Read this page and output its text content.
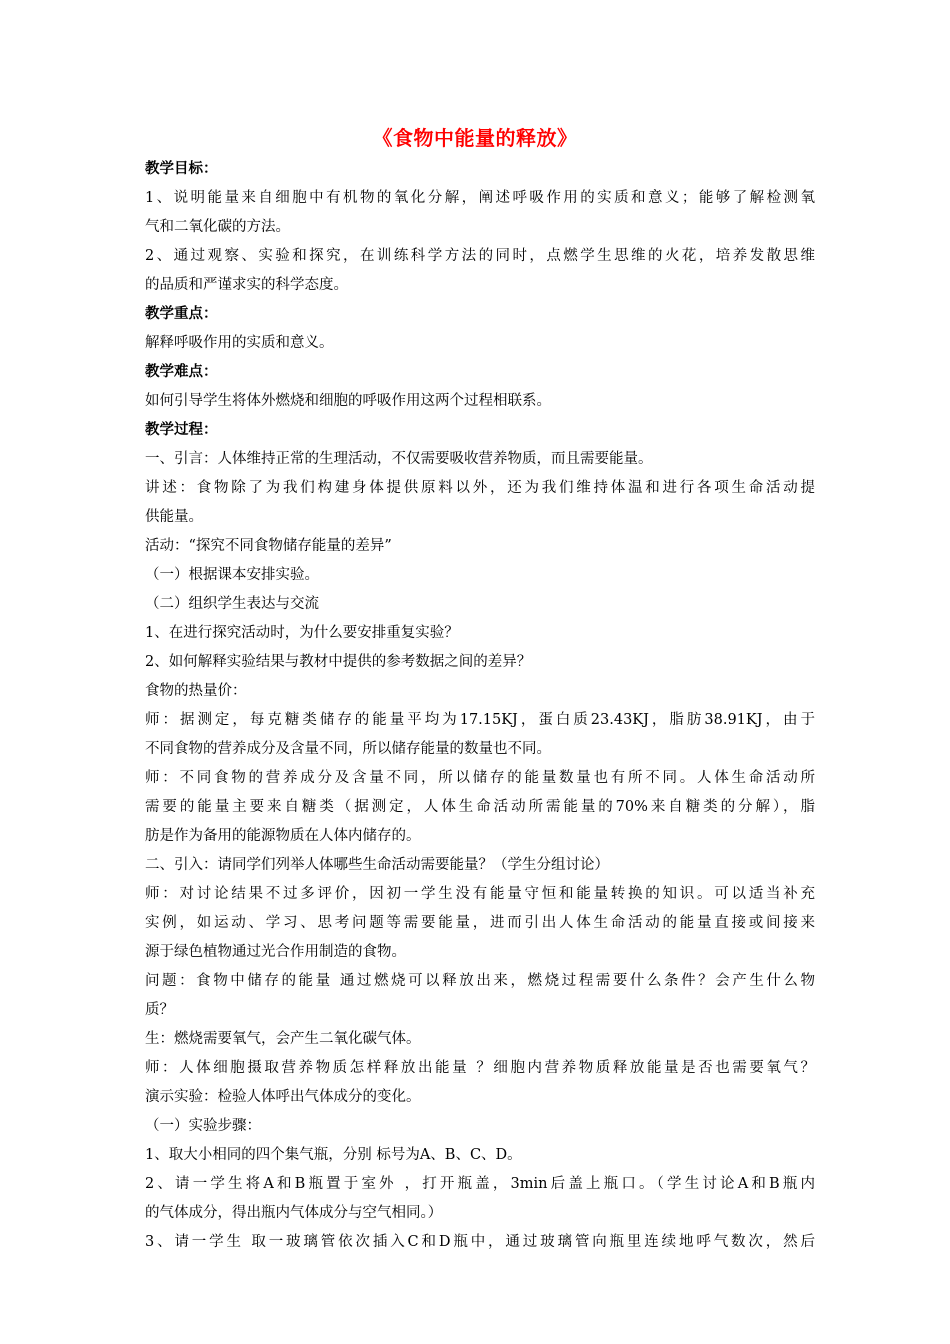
《食物中能量的释放》
教学目标：
1、说明能量来自细胞中有机物的氧化分解，阐述呼吸作用的实质和意义；能够了解检测氧
气和二氧化碳的方法。
2、通过观察、实验和探究，在训练科学方法的同时，点燃学生思维的火花，培养发散思维
的品质和严谨求实的科学态度。
教学重点：
解释呼吸作用的实质和意义。
教学难点：
如何引导学生将体外燃烧和细胞的呼吸作用这两个过程相联系。
教学过程：
一、引言：人体维持正常的生理活动，不仅需要吸收营养物质，而且需要能量。
讲述：食物除了为我们构建身体提供原料以外，还为我们维持体温和进行各项生命活动提
供能量。
活动：“探究不同食物储存能量的差异”
（一）根据课本安排实验。
（二）组织学生表达与交流
1、在进行探究活动时，为什么要安排重复实验？
2、如何解释实验结果与教材中提供的参考数据之间的差异？
食物的热量价：
师：据测定，每克糖类储存的能量平均为17.15KJ，蛋白质23.43KJ，脂肪38.91KJ，由于
不同食物的营养成分及含量不同，所以储存能量的数量也不同。
师：不同食物的营养成分及含量不同，所以储存的能量数量也有所不同。人体生命活动所
需要的能量主要来自糖类（据测定，人体生命活动所需能量的70%来自糖类的分解），脂
肪是作为备用的能源物质在人体内储存的。
二、引入：请同学们列举人体哪些生命活动需要能量？（学生分组讨论）
师：对讨论结果不过多评价，因初一学生没有能量守恒和能量转换的知识。可以适当补充
实例，如运动、学习、思考问题等需要能量，进而引出人体生命活动的能量直接或间接来
源于绿色植物通过光合作用制造的食物。
问题：食物中储存的能量 通过燃烧可以释放出来，燃烧过程需要什么条件？会产生什么物
质？
生：燃烧需要氧气，会产生二氧化碳气体。
师：人体细胞摄取营养物质怎样释放出能量 ？细胞内营养物质释放能量是否也需要氧气？
演示实验：检验人体呼出气体成分的变化。
（一）实验步骤：
1、取大小相同的四个集气瓶，分别 标号为A、B、C、D。
2、请一学生将A和B瓶置于室外 ，打开瓶盖，3min后盖上瓶口。（学生讨论A和B瓶内
的气体成分，得出瓶内气体成分与空气相同。）
3、请一学生 取一玻璃管依次插入C和D瓶中，通过玻璃管向瓶里连续地呼气数次，然后
